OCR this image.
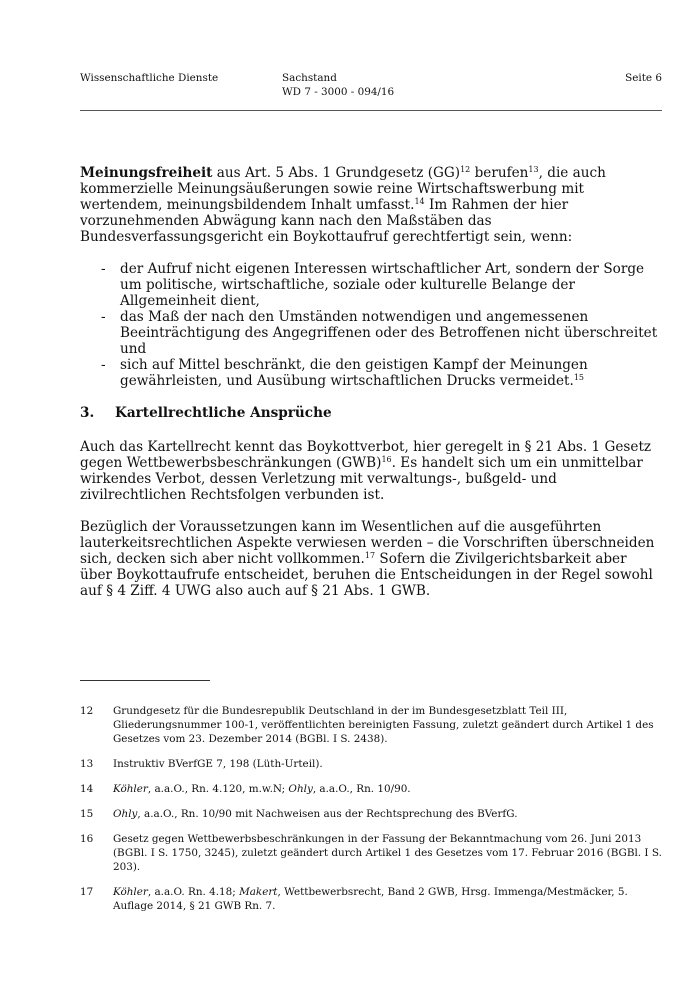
Wissenschaftliche Dienste	Sachstand
WD 7 - 3000 - 094/16
Seite 6

Meinungsfreiheit aus Art. 5 Abs. 1 Grundgesetz (GG)$^{12}$ berufen$^{13}$, die auch kommerzielle Meinungsäußerungen sowie reine Wirtschaftswerbung mit wertendem, meinungsbildendem Inhalt umfasst.$^{14}$ Im Rahmen der hier vorzunehmenden Abwägung kann nach den Maßstäben das Bundesverfassungsgericht ein Boykottaufruf gerechtfertigt sein, wenn:

- der Aufruf nicht eigenen Interessen wirtschaftlicher Art, sondern der Sorge um politische, wirtschaftliche, soziale oder kulturelle Belange der Allgemeinheit dient,
- das Maß der nach den Umständen notwendigen und angemessenen Beeinträchtigung des Angegriffenen oder des Betroffenen nicht überschreitet und
- sich auf Mittel beschränkt, die den geistigen Kampf der Meinungen gewährleisten, und Ausübung wirtschaftlichen Drucks vermeidet.$^{15}$
3. Kartellrechtliche Ansprüche

Auch das Kartellrecht kennt das Boykottverbot, hier geregelt in § 21 Abs. 1 Gesetz gegen Wettbewerbsbeschränkungen (GWB)$^{16}$. Es handelt sich um ein unmittelbar wirkendes Verbot, dessen Verletzung mit verwaltungs-, bußgeld- und zivilrechtlichen Rechtsfolgen verbunden ist.

Bezüglich der Voraussetzungen kann im Wesentlichen auf die ausgeführten lauterkeitsrechtlichen Aspekte verwiesen werden – die Vorschriften überschneiden sich, decken sich aber nicht vollkommen.$^{17}$ Sofern die Zivilgerichtsbarkeit aber über Boykottaufrufe entscheidet, beruhen die Entscheidungen in der Regel sowohl auf § 4 Ziff. 4 UWG also auch auf § 21 Abs. 1 GWB.

12 Grundgesetz für die Bundesrepublik Deutschland in der im Bundesgesetzblatt Teil III, Gliederungsnummer 100-1, veröffentlichten bereinigten Fassung, zuletzt geändert durch Artikel 1 des Gesetzes vom 23. Dezember 2014 (BGBl. I S. 2438).
13 Instruktiv BVerfGE 7, 198 (Lüth-Urteil).
14 Köhler, a.a.O., Rn. 4.120, m.w.N; Ohly, a.a.O., Rn. 10/90.
15 Ohly, a.a.O., Rn. 10/90 mit Nachweisen aus der Rechtsprechung des BVerfG.
16 Gesetz gegen Wettbewerbsbeschränkungen in der Fassung der Bekanntmachung vom 26. Juni 2013 (BGBl. I S. 1750, 3245), zuletzt geändert durch Artikel 1 des Gesetzes vom 17. Februar 2016 (BGBl. I S. 203).
17 Köhler, a.a.O. Rn. 4.18; Makert, Wettbewerbsrecht, Band 2 GWB, Hrsg. Immenga/Mestmäcker, 5. Auflage 2014, § 21 GWB Rn. 7.
